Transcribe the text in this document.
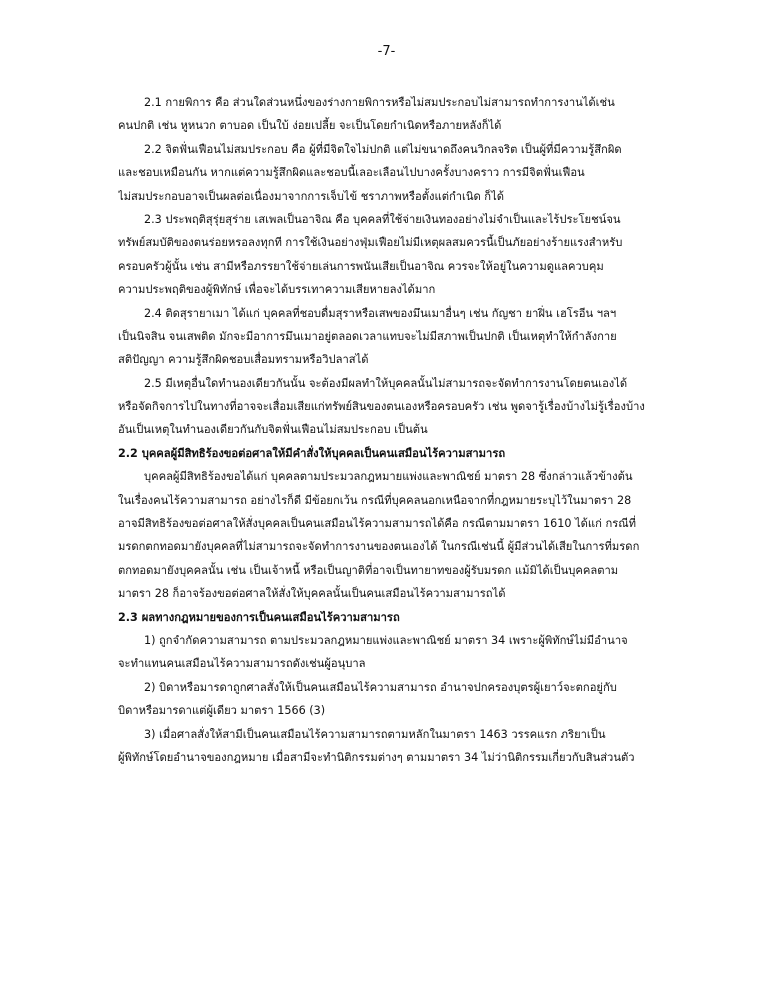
-7-
2.1 กายพิการ คือ ส่วนใดส่วนหนึ่งของร่างกายพิการหรือไม่สมประกอบไม่สามารถทำการงานได้เช่น
คนปกติ เช่น หูหนวก ตาบอด เป็นใบ้ ง่อยเปลี้ย จะเป็นโดยกำเนิดหรือภายหลังก็ได้
2.2 จิตฟั่นเฟือนไม่สมประกอบ คือ ผู้ที่มีจิตใจไม่ปกติ แต่ไม่ขนาดถึงคนวิกลจริต เป็นผู้ที่มีความรู้สึกผิด
และชอบเหมือนกัน หากแต่ความรู้สึกผิดและชอบนี้เลอะเลือนไปบางครั้งบางคราว การมีจิตฟั่นเฟือน
ไม่สมประกอบอาจเป็นผลต่อเนื่องมาจากการเจ็บไข้ ชราภาพหรือตั้งแต่กำเนิด ก็ได้
2.3 ประพฤติสุรุ่ยสุร่าย เสเพลเป็นอาจิณ คือ บุคคลที่ใช้จ่ายเงินทองอย่างไม่จำเป็นและไร้ประโยชน์จน
ทรัพย์สมบัติของตนร่อยหรอลงทุกที การใช้เงินอย่างฟุ่มเฟือยไม่มีเหตุผลสมควรนี้เป็นภัยอย่างร้ายแรงสำหรับ
ครอบครัวผู้นั้น เช่น สามีหรือภรรยาใช้จ่ายเล่นการพนันเสียเป็นอาจิณ ควรจะให้อยู่ในความดูแลควบคุม
ความประพฤติของผู้พิทักษ์ เพื่อจะได้บรรเทาความเสียหายลงได้มาก
2.4 ติดสุรายาเมา ได้แก่ บุคคลที่ชอบดื่มสุราหรือเสพของมึนเมาอื่นๆ เช่น กัญชา ยาฝิ่น เฮโรอีน ฯลฯ
เป็นนิจสิน จนเสพติด มักจะมีอาการมึนเมาอยู่ตลอดเวลาแทบจะไม่มีสภาพเป็นปกติ เป็นเหตุทำให้กำลังกาย
สติปัญญา ความรู้สึกผิดชอบเสื่อมทรามหรือวิปลาสได้
2.5 มีเหตุอื่นใดทำนองเดียวกันนั้น จะต้องมีผลทำให้บุคคลนั้นไม่สามารถจะจัดทำการงานโดยตนเองได้
หรือจัดกิจการไปในทางที่อาจจะเสื่อมเสียแก่ทรัพย์สินของตนเองหรือครอบครัว เช่น พูดจารู้เรื่องบ้างไม่รู้เรื่องบ้าง
อันเป็นเหตุในทำนองเดียวกันกับจิตฟั่นเฟือนไม่สมประกอบ เป็นต้น
2.2 บุคคลผู้มีสิทธิร้องขอต่อศาลให้มีคำสั่งให้บุคคลเป็นคนเสมือนไร้ความสามารถ
บุคคลผู้มีสิทธิร้องขอได้แก่ บุคคลตามประมวลกฎหมายแพ่งและพาณิชย์ มาตรา 28 ซึ่งกล่าวแล้วข้างต้น
ในเรื่องคนไร้ความสามารถ อย่างไรก็ดี มีข้อยกเว้น กรณีที่บุคคลนอกเหนือจากที่กฎหมายระบุไว้ในมาตรา 28
อาจมีสิทธิร้องขอต่อศาลให้สั่งบุคคลเป็นคนเสมือนไร้ความสามารถได้คือ กรณีตามมาตรา 1610 ได้แก่ กรณีที่
มรดกตกทอดมายังบุคคลที่ไม่สามารถจะจัดทำการงานของตนเองได้ ในกรณีเช่นนี้ ผู้มีส่วนได้เสียในการที่มรดก
ตกทอดมายังบุคคลนั้น เช่น เป็นเจ้าหนี้ หรือเป็นญาติที่อาจเป็นทายาทของผู้รับมรดก แม้มิได้เป็นบุคคลตาม
มาตรา 28 ก็อาจร้องขอต่อศาลให้สั่งให้บุคคลนั้นเป็นคนเสมือนไร้ความสามารถได้
2.3 ผลทางกฎหมายของการเป็นคนเสมือนไร้ความสามารถ
1) ถูกจำกัดความสามารถ ตามประมวลกฎหมายแพ่งและพาณิชย์ มาตรา 34 เพราะผู้พิทักษ์ไม่มีอำนาจ
จะทำแทนคนเสมือนไร้ความสามารถดังเช่นผู้อนุบาล
2) บิดาหรือมารดาถูกศาลสั่งให้เป็นคนเสมือนไร้ความสามารถ อำนาจปกครองบุตรผู้เยาว์จะตกอยู่กับ
บิดาหรือมารดาแต่ผู้เดียว มาตรา 1566 (3)
3) เมื่อศาลสั่งให้สามีเป็นคนเสมือนไร้ความสามารถตามหลักในมาตรา 1463 วรรคแรก ภริยาเป็น
ผู้พิทักษ์โดยอำนาจของกฎหมาย เมื่อสามีจะทำนิติกรรมต่างๆ ตามมาตรา 34 ไม่ว่านิติกรรมเกี่ยวกับสินส่วนตัว
